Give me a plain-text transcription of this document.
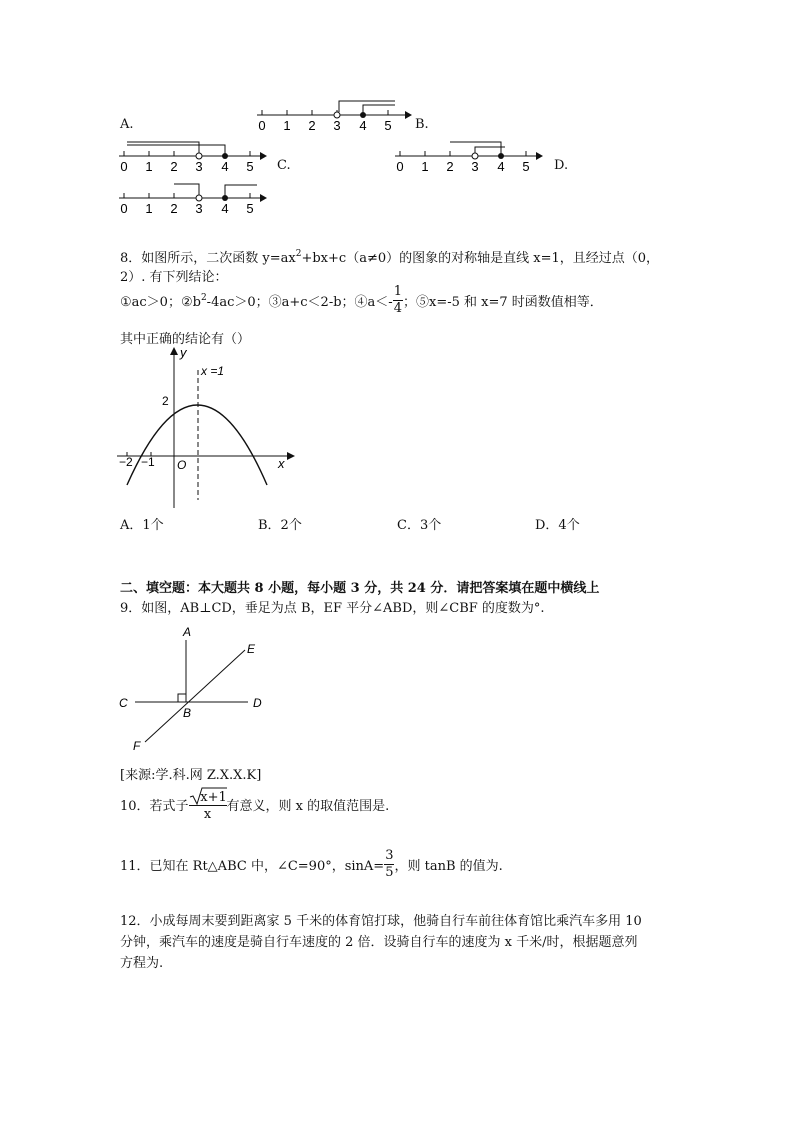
A.	0 1 2 3 4 5 B.
0 1 2 3 4 5 C.	0 1 2 3 4 5 D.
0 1 2 3 4 5
8．如图所示，二次函数 $y=ax^2+bx+c(a\ne 0)$的图象的对称轴是直线 x=1，且经过点（0，
2）. 有下列结论：
①ac＞0；$②b^2-4ac>0$；③a+c＜2-b；④a＜- $\frac{1}{4}$ ；⑤x=-5 和 x=7 时函数值相等．
其中正确的结论有（）
y
x
x =1
2
O
−2 −1
A．1个	B．2个	C．3个	D．4个
二、填空题：本大题共 8 小题，每小题 3 分，共 24 分．请把答案填在题中横线上
9．如图，AB⊥CD，垂足为点 B，EF 平分∠ABD，则∠CBF 的度数为°.
A
B
C	D
E
F
[来源:学.科.网 Z.X.X.K]
10．若式子 $\frac{x+1}{x}$ 有意义，则 x 的取值范围是.
11．已知在 Rt△ABC 中，∠C=90°，$\sin A= \frac{3}{5}$ ，则 tanB 的值为.
12．小成每周末要到距离家 5 千米的体育馆打球，他骑自行车前往体育馆比乘汽车多用 10
分钟，乘汽车的速度是骑自行车速度的 2 倍．设骑自行车的速度为 x 千米/时，根据题意列
方程为.
